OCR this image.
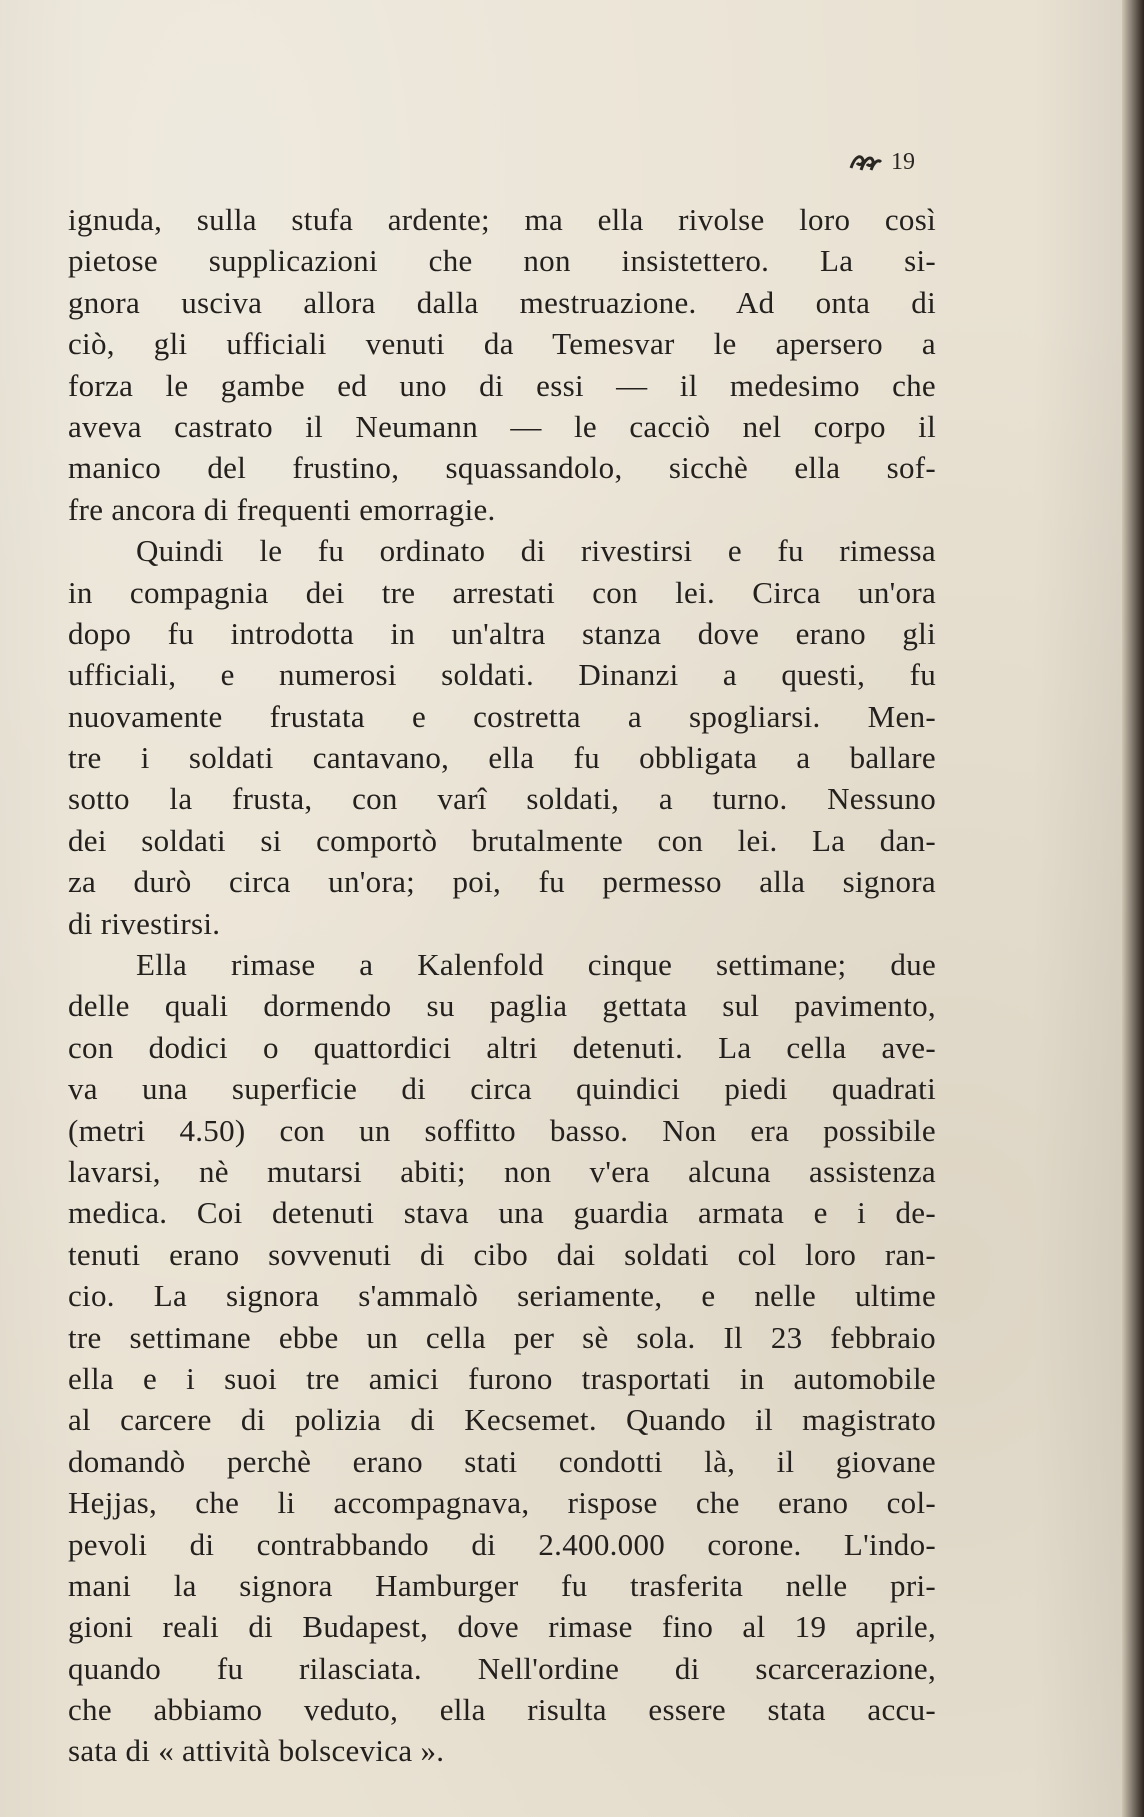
19
ignuda, sulla stufa ardente; ma ella rivolse loro così
pietose supplicazioni che non insistettero. La si-
gnora usciva allora dalla mestruazione. Ad onta di
ciò, gli ufficiali venuti da Temesvar le apersero a
forza le gambe ed uno di essi — il medesimo che
aveva castrato il Neumann — le cacciò nel corpo il
manico del frustino, squassandolo, sicchè ella sof-
fre ancora di frequenti emorragie.
Quindi le fu ordinato di rivestirsi e fu rimessa
in compagnia dei tre arrestati con lei. Circa un'ora
dopo fu introdotta in un'altra stanza dove erano gli
ufficiali, e numerosi soldati. Dinanzi a questi, fu
nuovamente frustata e costretta a spogliarsi. Men-
tre i soldati cantavano, ella fu obbligata a ballare
sotto la frusta, con varî soldati, a turno. Nessuno
dei soldati si comportò brutalmente con lei. La dan-
za durò circa un'ora; poi, fu permesso alla signora
di rivestirsi.
Ella rimase a Kalenfold cinque settimane; due
delle quali dormendo su paglia gettata sul pavimento,
con dodici o quattordici altri detenuti. La cella ave-
va una superficie di circa quindici piedi quadrati
(metri 4.50) con un soffitto basso. Non era possibile
lavarsi, nè mutarsi abiti; non v'era alcuna assistenza
medica. Coi detenuti stava una guardia armata e i de-
tenuti erano sovvenuti di cibo dai soldati col loro ran-
cio. La signora s'ammalò seriamente, e nelle ultime
tre settimane ebbe un cella per sè sola. Il 23 febbraio
ella e i suoi tre amici furono trasportati in automobile
al carcere di polizia di Kecsemet. Quando il magistrato
domandò perchè erano stati condotti là, il giovane
Hejjas, che li accompagnava, rispose che erano col-
pevoli di contrabbando di 2.400.000 corone. L'indo-
mani la signora Hamburger fu trasferita nelle pri-
gioni reali di Budapest, dove rimase fino al 19 aprile,
quando fu rilasciata. Nell'ordine di scarcerazione,
che abbiamo veduto, ella risulta essere stata accu-
sata di « attività bolscevica ».
